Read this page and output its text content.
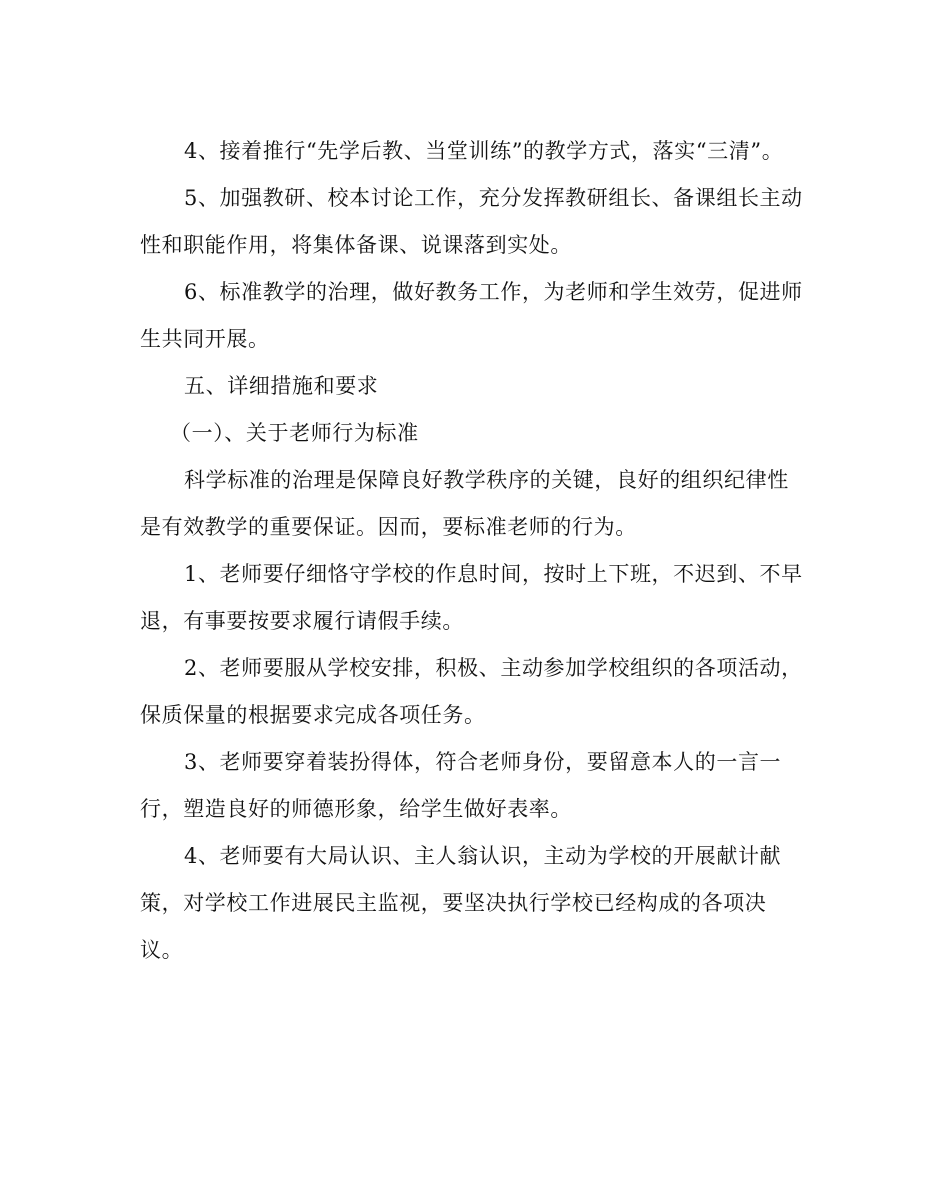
4、接着推行“先学后教、当堂训练”的教学方式，落实“三清”。

5、加强教研、校本讨论工作，充分发挥教研组长、备课组长主动
性和职能作用，将集体备课、说课落到实处。

6、标准教学的治理，做好教务工作，为老师和学生效劳，促进师
生共同开展。

五、详细措施和要求

（一）、关于老师行为标准

科学标准的治理是保障良好教学秩序的关键，良好的组织纪律性
是有效教学的重要保证。因而，要标准老师的行为。

1、老师要仔细恪守学校的作息时间，按时上下班，不迟到、不早
退，有事要按要求履行请假手续。

2、老师要服从学校安排，积极、主动参加学校组织的各项活动，
保质保量的根据要求完成各项任务。

3、老师要穿着装扮得体，符合老师身份，要留意本人的一言一
行，塑造良好的师德形象，给学生做好表率。

4、老师要有大局认识、主人翁认识，主动为学校的开展献计献
策，对学校工作进展民主监视，要坚决执行学校已经构成的各项决
议。
